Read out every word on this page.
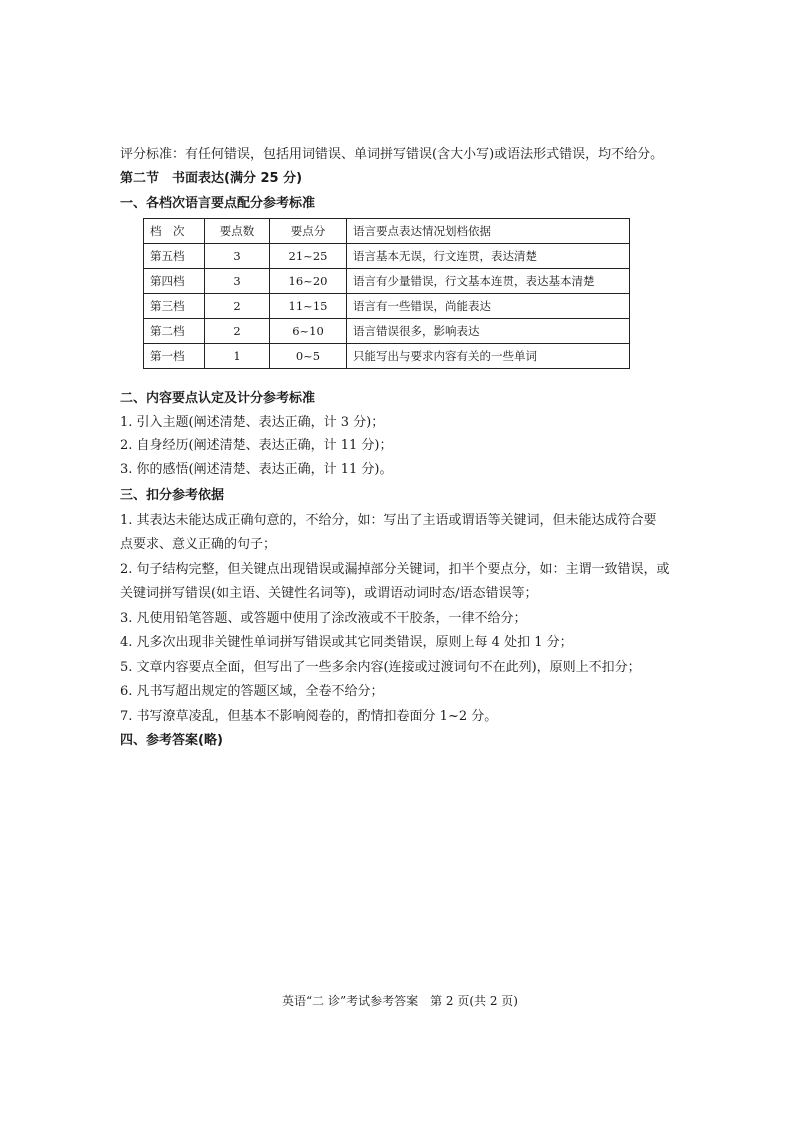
评分标准：有任何错误，包括用词错误、单词拼写错误(含大小写)或语法形式错误，均不给分。
第二节　书面表达(满分 25 分)
一、各档次语言要点配分参考标准
档　次	要点数	要点分	语言要点表达情况划档依据
第五档	3	21~25	语言基本无误，行文连贯，表达清楚
第四档	3	16~20	语言有少量错误，行文基本连贯，表达基本清楚
第三档	2	11~15	语言有一些错误，尚能表达
第二档	2	6~10	语言错误很多，影响表达
第一档	1	0~5	只能写出与要求内容有关的一些单词
二、内容要点认定及计分参考标准
1. 引入主题(阐述清楚、表达正确，计 3 分)；
2. 自身经历(阐述清楚、表达正确，计 11 分)；
3. 你的感悟(阐述清楚、表达正确，计 11 分)。
三、扣分参考依据
1. 其表达未能达成正确句意的，不给分，如：写出了主语或谓语等关键词，但未能达成符合要
点要求、意义正确的句子；
2. 句子结构完整，但关键点出现错误或漏掉部分关键词，扣半个要点分，如：主谓一致错误，或
关键词拼写错误(如主语、关键性名词等)，或谓语动词时态/语态错误等；
3. 凡使用铅笔答题、或答题中使用了涂改液或不干胶条，一律不给分；
4. 凡多次出现非关键性单词拼写错误或其它同类错误，原则上每 4 处扣 1 分；
5. 文章内容要点全面，但写出了一些多余内容(连接或过渡词句不在此列)，原则上不扣分；
6. 凡书写超出规定的答题区域，全卷不给分；
7. 书写潦草凌乱，但基本不影响阅卷的，酌情扣卷面分 1~2 分。
四、参考答案(略)
英语“二 诊”考试参考答案　第 2 页(共 2 页)
